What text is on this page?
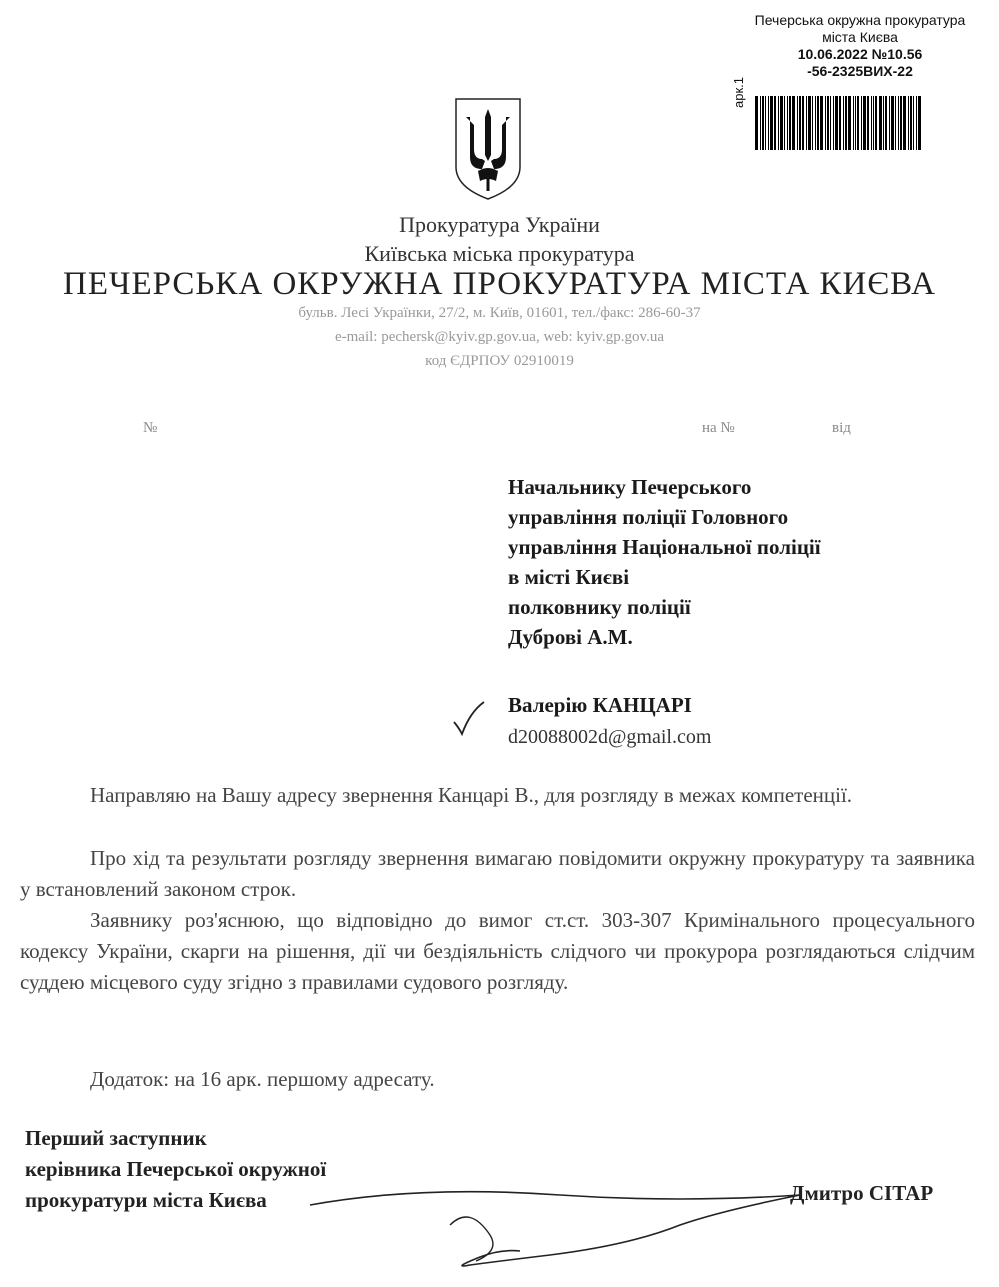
Печерська окружна прокуратура
міста Києва
10.06.2022 №10.56
-56-2325ВИХ-22
арк.1
Прокуратура України
Київська міська прокуратура
ПЕЧЕРСЬКА ОКРУЖНА ПРОКУРАТУРА МІСТА КИЄВА
бульв. Лесі Українки, 27/2, м. Київ, 01601, тел./факс: 286-60-37
e-mail: pechersk@kyiv.gp.gov.ua, web: kyiv.gp.gov.ua
код ЄДРПОУ 02910019
№	на №	від
Начальнику Печерського
управління поліції Головного
управління Національної поліції
в місті Києві
полковнику поліції
Дуброві А.М.
Валерію КАНЦАРІ
d20088002d@gmail.com
Направляю на Вашу адресу звернення Канцарі В., для розгляду в межах компетенції.
Про хід та результати розгляду звернення вимагаю повідомити окружну прокуратуру та заявника у встановлений законом строк.
Заявнику роз'яснюю, що відповідно до вимог ст.ст. 303-307 Кримінального процесуального кодексу України, скарги на рішення, дії чи бездіяльність слідчого чи прокурора розглядаються слідчим суддею місцевого суду згідно з правилами судового розгляду.
Додаток: на 16 арк. першому адресату.
Перший заступник
керівника Печерської окружної
прокуратури міста Києва	Дмитро СІТАР
